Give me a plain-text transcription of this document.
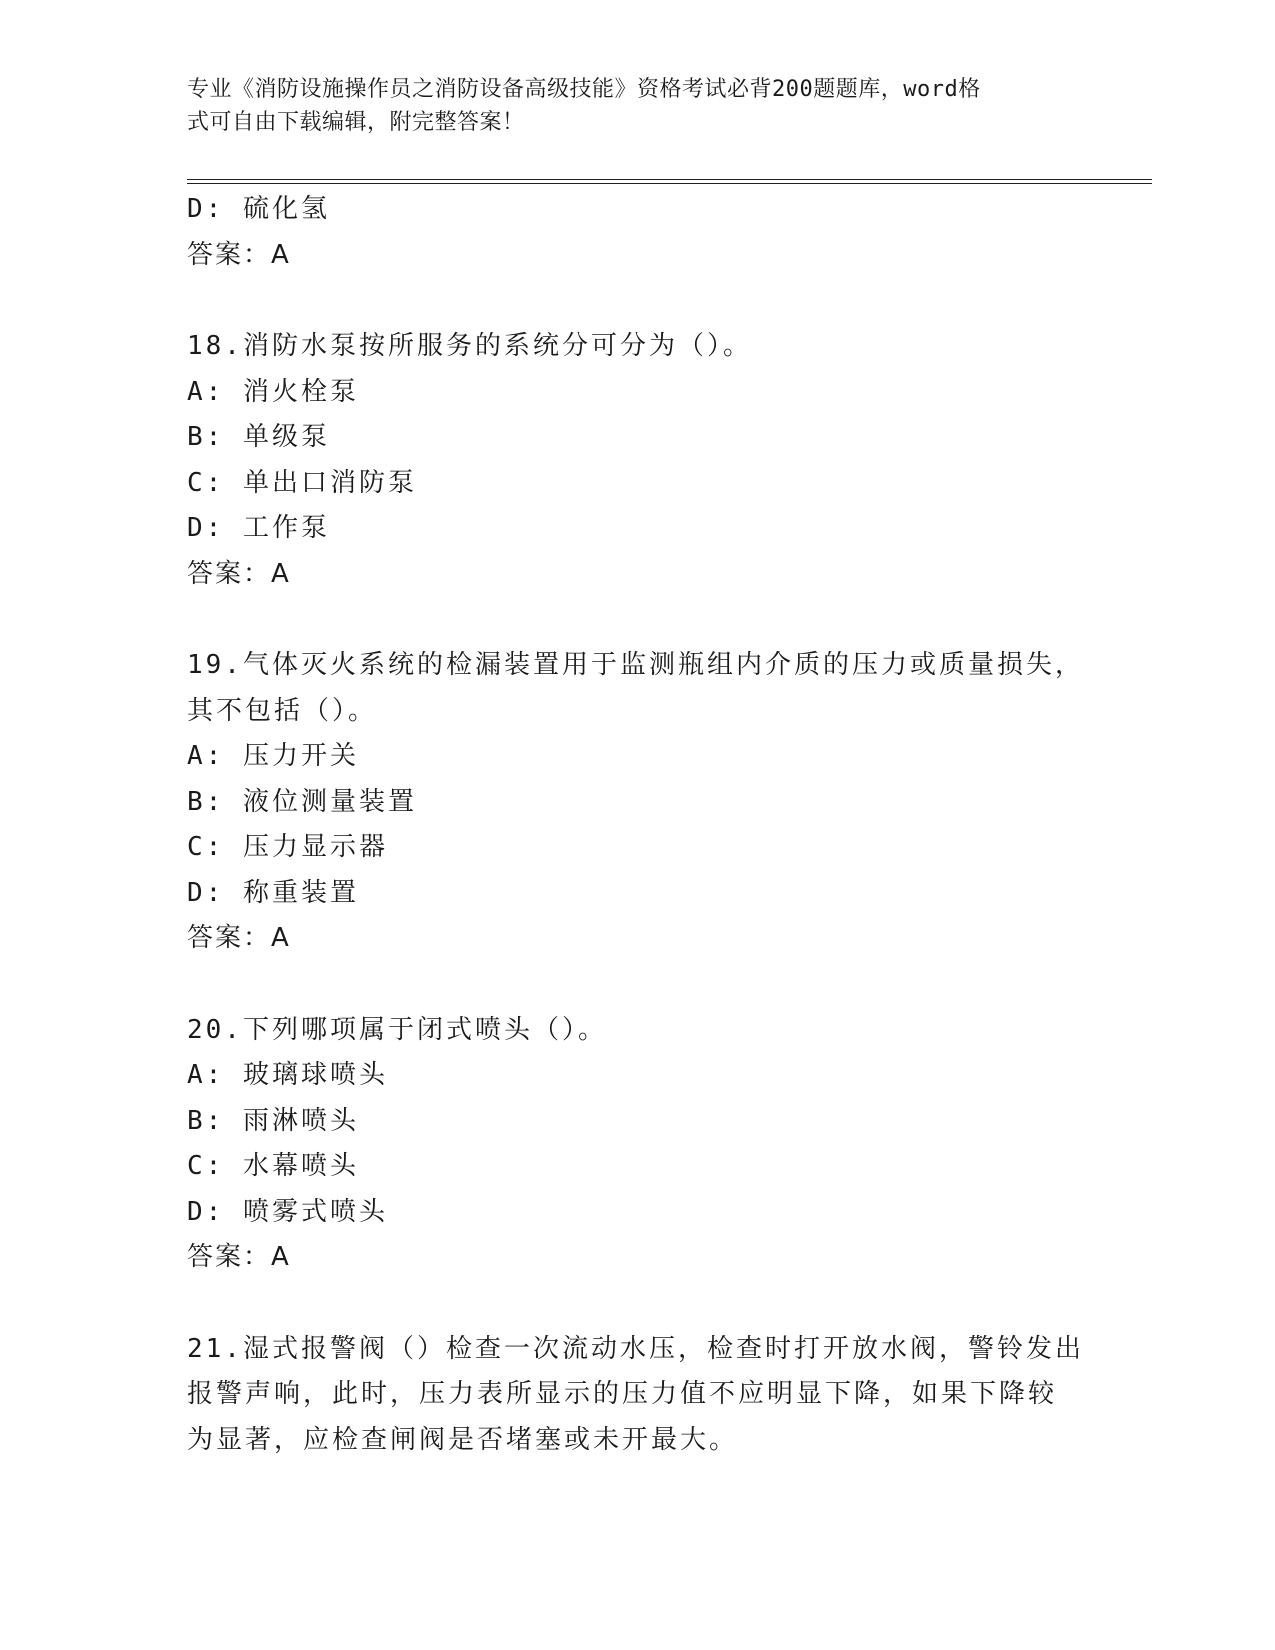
专业《消防设施操作员之消防设备高级技能》资格考试必背200题题库，word格
式可自由下载编辑，附完整答案！
D: 硫化氢
答案：A
18.消防水泵按所服务的系统分可分为（）。
A: 消火栓泵
B: 单级泵
C: 单出口消防泵
D: 工作泵
答案：A
19.气体灭火系统的检漏装置用于监测瓶组内介质的压力或质量损失，
其不包括（）。
A: 压力开关
B: 液位测量装置
C: 压力显示器
D: 称重装置
答案：A
20.下列哪项属于闭式喷头（）。
A: 玻璃球喷头
B: 雨淋喷头
C: 水幕喷头
D: 喷雾式喷头
答案：A
21.湿式报警阀（）检查一次流动水压，检查时打开放水阀，警铃发出
报警声响，此时，压力表所显示的压力值不应明显下降，如果下降较
为显著，应检查闸阀是否堵塞或未开最大。
